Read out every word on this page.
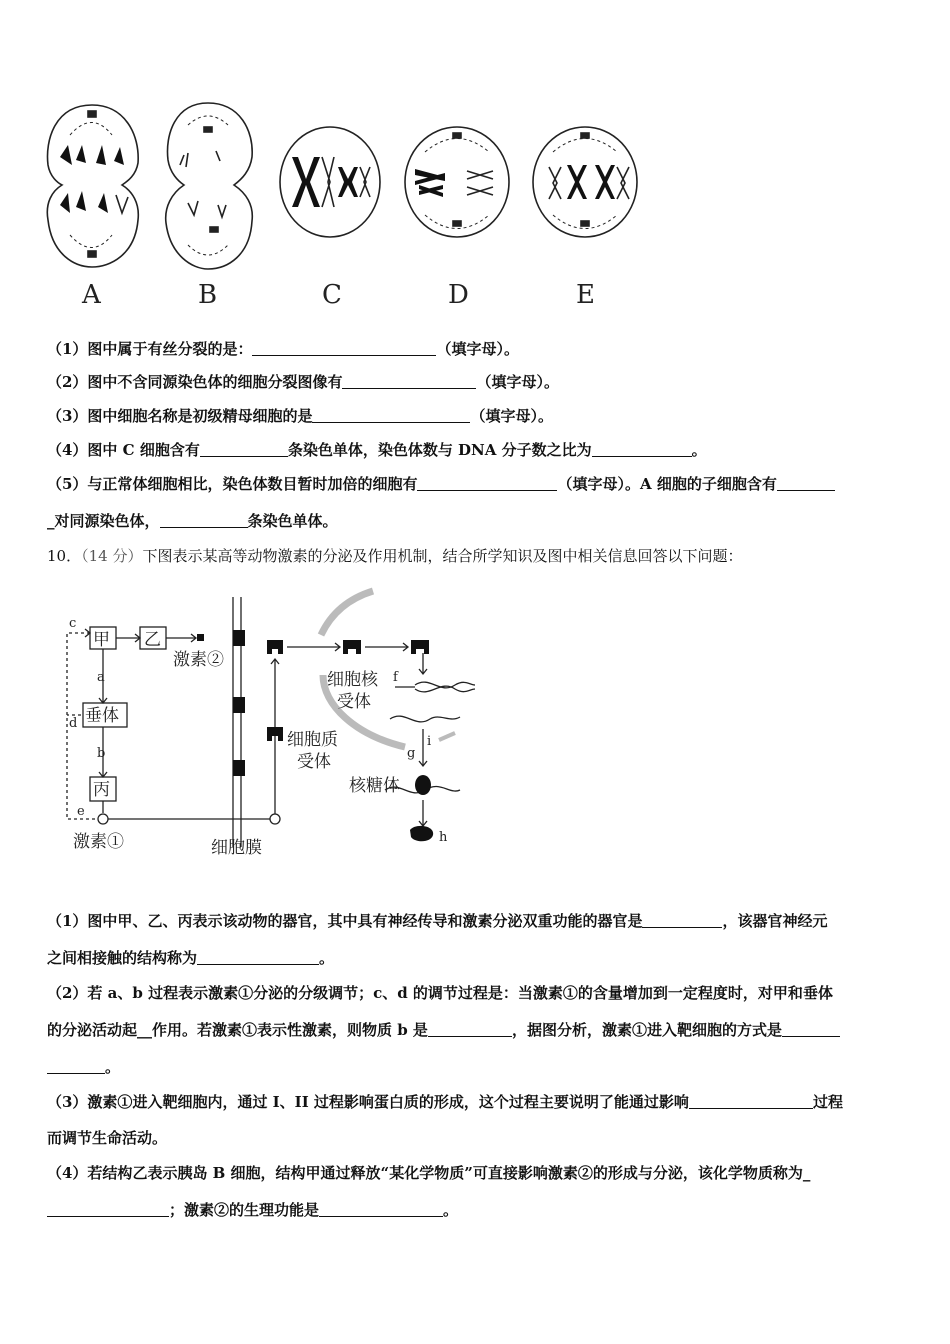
A	B	C	D	E
（1）图中属于有丝分裂的是：	（填字母）。
（2）图中不含同源染色体的细胞分裂图像有	（填字母）。
（3）图中细胞名称是初级精母细胞的是	（填字母）。
（4）图中 C 细胞含有	条染色单体，染色体数与 DNA 分子数之比为	。
（5）与正常体细胞相比，染色体数目暂时加倍的细胞有	（填字母）。A 细胞的子细胞含有
_对同源染色体，	条染色单体。
10．（14 分）下图表示某高等动物激素的分泌及作用机制，结合所学知识及图中相关信息回答以下问题：
甲 乙
垂体
丙
激素①
激素②
细胞膜
细胞质
受体
细胞核
受体
核糖体
c
a
d
b
e
f
i
g
h
（1）图中甲、乙、丙表示该动物的器官，其中具有神经传导和激素分泌双重功能的器官是	，该器官神经元
之间相接触的结构称为	。
（2）若 a、b 过程表示激素①分泌的分级调节；c、d 的调节过程是：当激素①的含量增加到一定程度时，对甲和垂体
的分泌活动起__作用。若激素①表示性激素，则物质 b 是	，据图分析，激素①进入靶细胞的方式是
。
（3）激素①进入靶细胞内，通过 I、II 过程影响蛋白质的形成，这个过程主要说明了能通过影响	过程
而调节生命活动。
（4）若结构乙表示胰岛 B 细胞，结构甲通过释放“某化学物质”可直接影响激素②的形成与分泌，该化学物质称为_
；激素②的生理功能是	。
